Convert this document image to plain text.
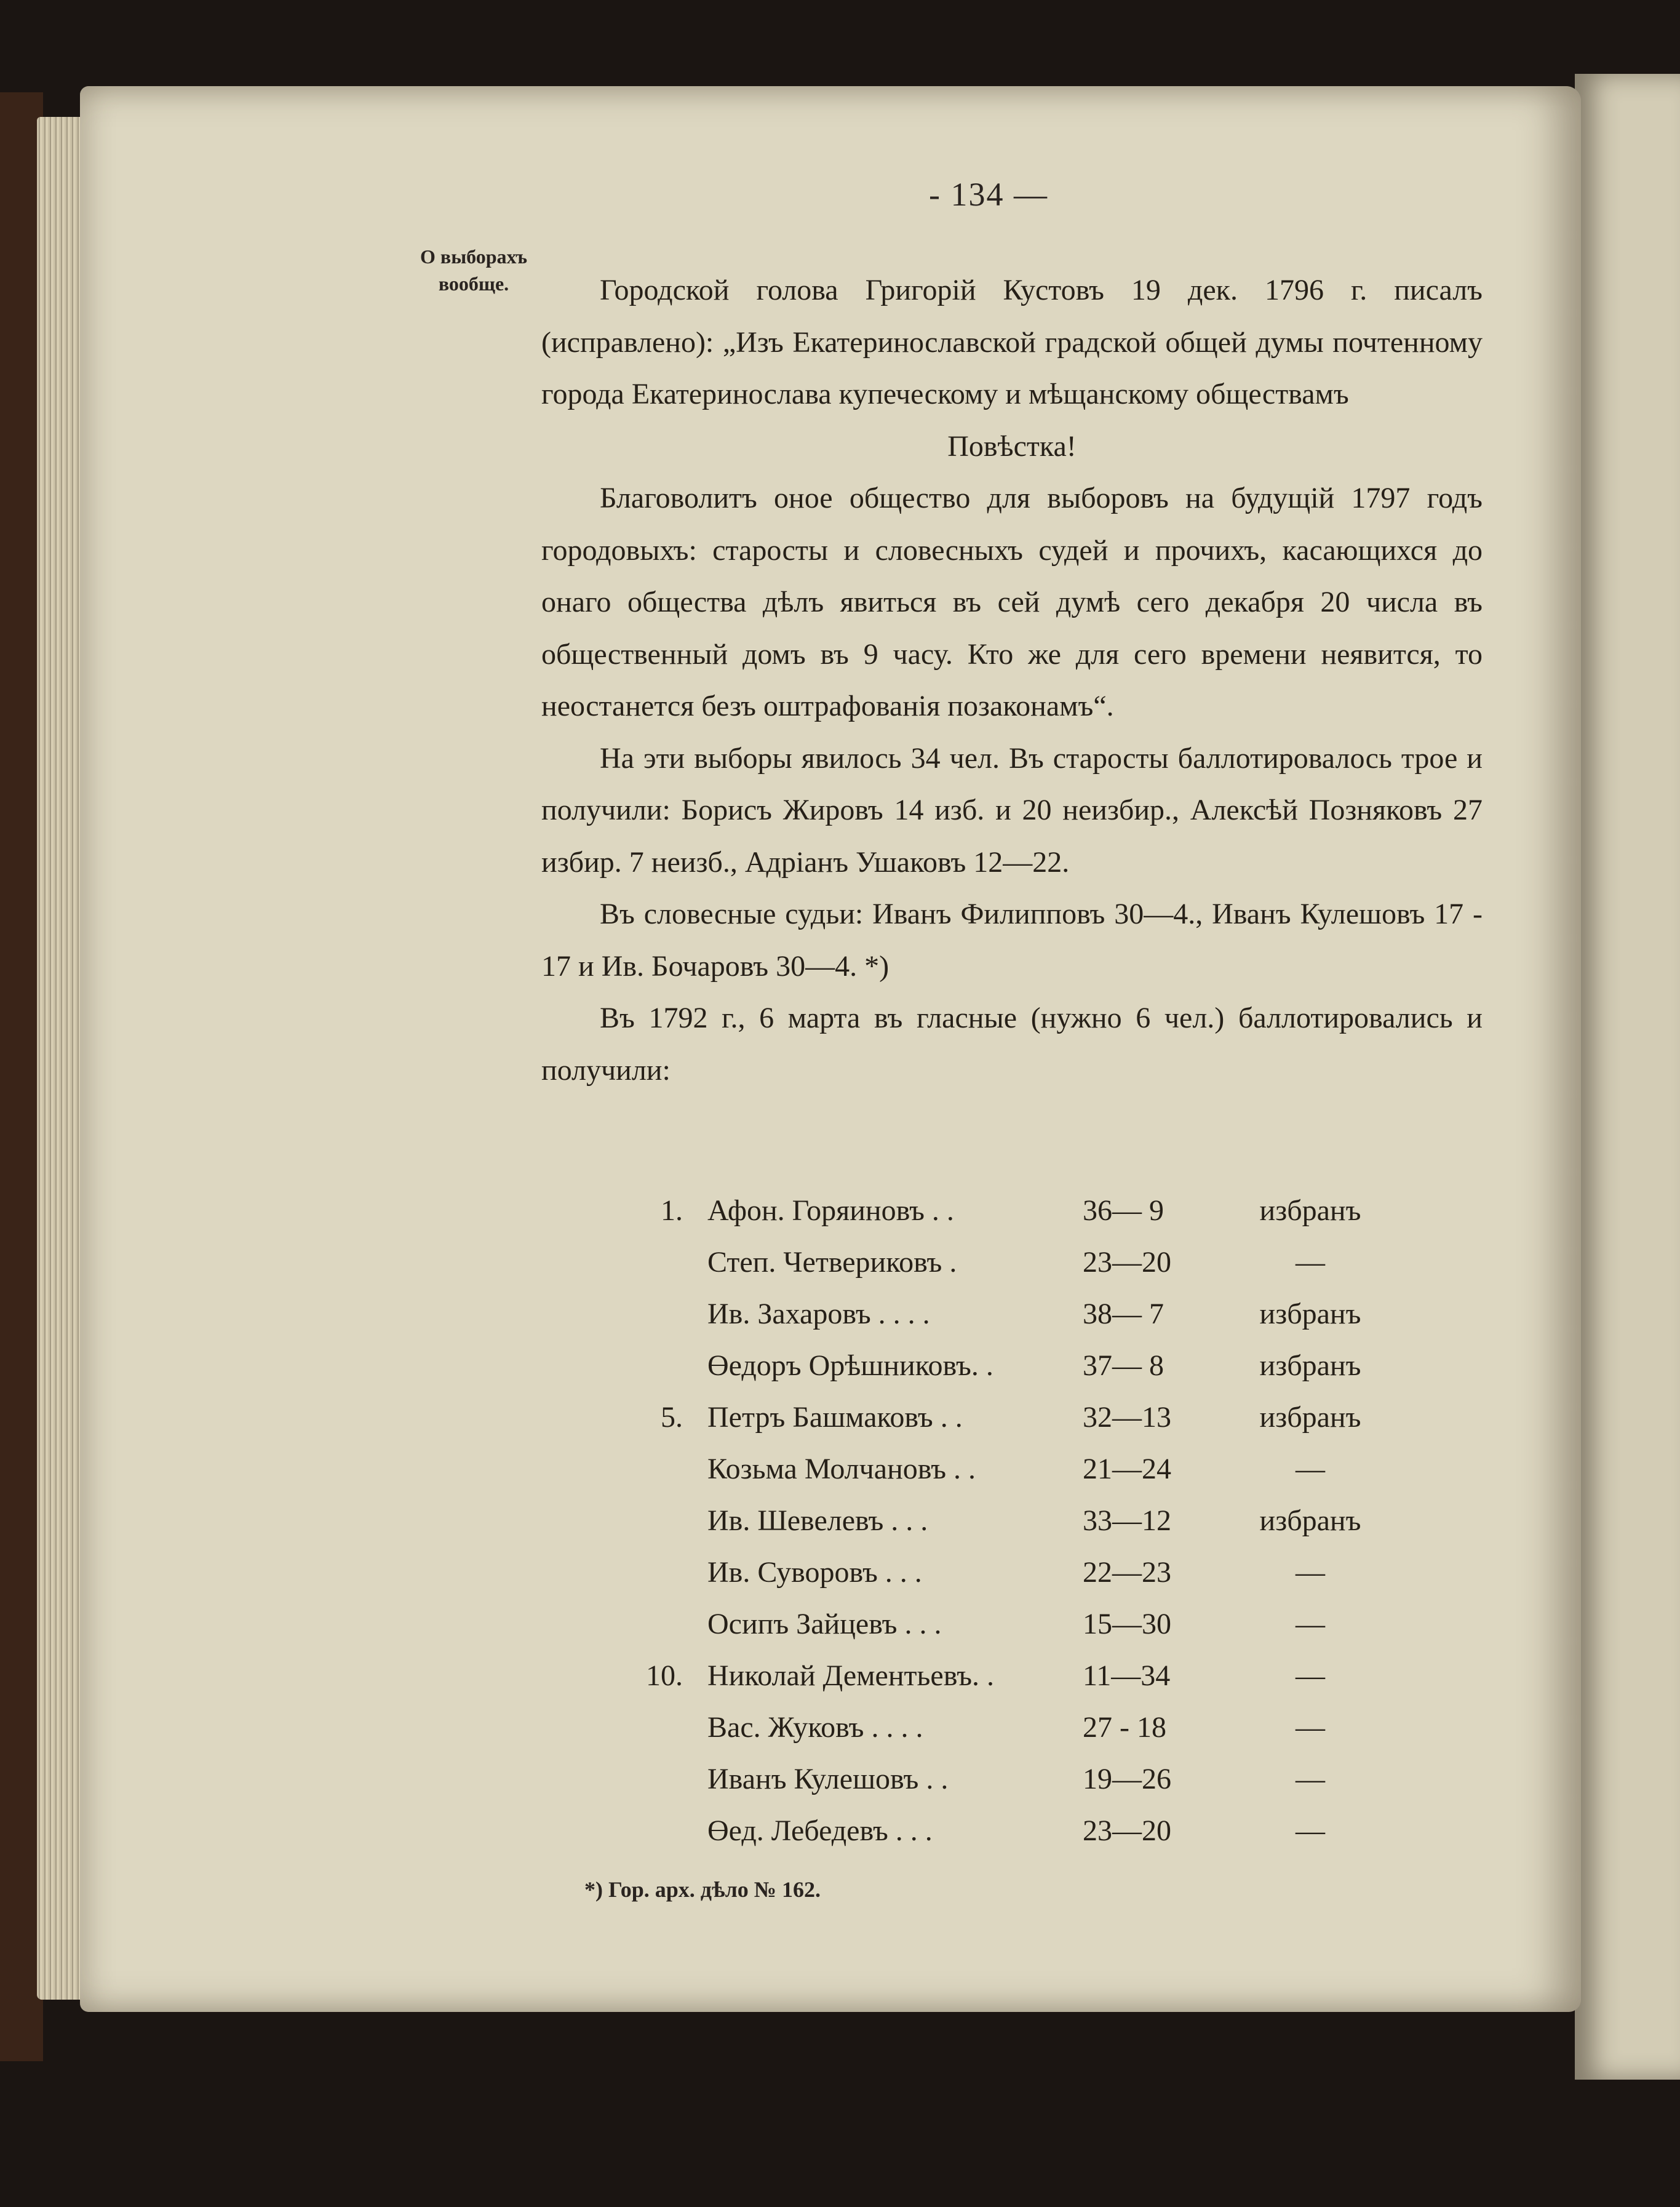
- 134 —
О выборахъ вообще.	Городской голова Григорій Кустовъ 19 дек. 1796 г. писалъ (исправлено): „Изъ Екатеринославской градской общей думы почтенному города Екатеринослава купеческому и мѣщанскому обществамъ

Повѣстка!

Благоволитъ оное общество для выборовъ на будущій 1797 годъ городовыхъ: старосты и словесныхъ судей и прочихъ, касающихся до онаго общества дѣлъ явиться въ сей думѣ сего декабря 20 числа въ общественный домъ въ 9 часу. Кто же для сего времени неявится, то неостанется безъ оштрафованія позаконамъ“.

На эти выборы явилось 34 чел. Въ старосты баллотировалось трое и получили: Борисъ Жировъ 14 изб. и 20 неизбир., Алексѣй Позняковъ 27 избир. 7 неизб., Адріанъ Ушаковъ 12—22.

Въ словесные судьи: Иванъ Филипповъ 30—4., Иванъ Кулешовъ 17 - 17 и Ив. Бочаровъ 30—4. *)

Въ 1792 г., 6 марта въ гласные (нужно 6 чел.) баллотировались и получили:

1. Афон. Горяиновъ . .	36— 9	избранъ
Степ. Четвериковъ .	23—20	—
Ив. Захаровъ . . . .	38— 7	избранъ
Өедоръ Орѣшниковъ. .	37— 8	избранъ
5. Петръ Башмаковъ . .	32—13	избранъ
Козьма Молчановъ . .	21—24	—
Ив. Шевелевъ . . .	33—12	избранъ
Ив. Суворовъ . . .	22—23	—
Осипъ Зайцевъ . . .	15—30	—
10. Николай Дементьевъ. .	11—34	—
Вас. Жуковъ . . . .	27 - 18	—
Иванъ Кулешовъ . .	19—26	—
Өед. Лебедевъ . . .	23—20	—
*) Гор. арх. дѣло № 162.
